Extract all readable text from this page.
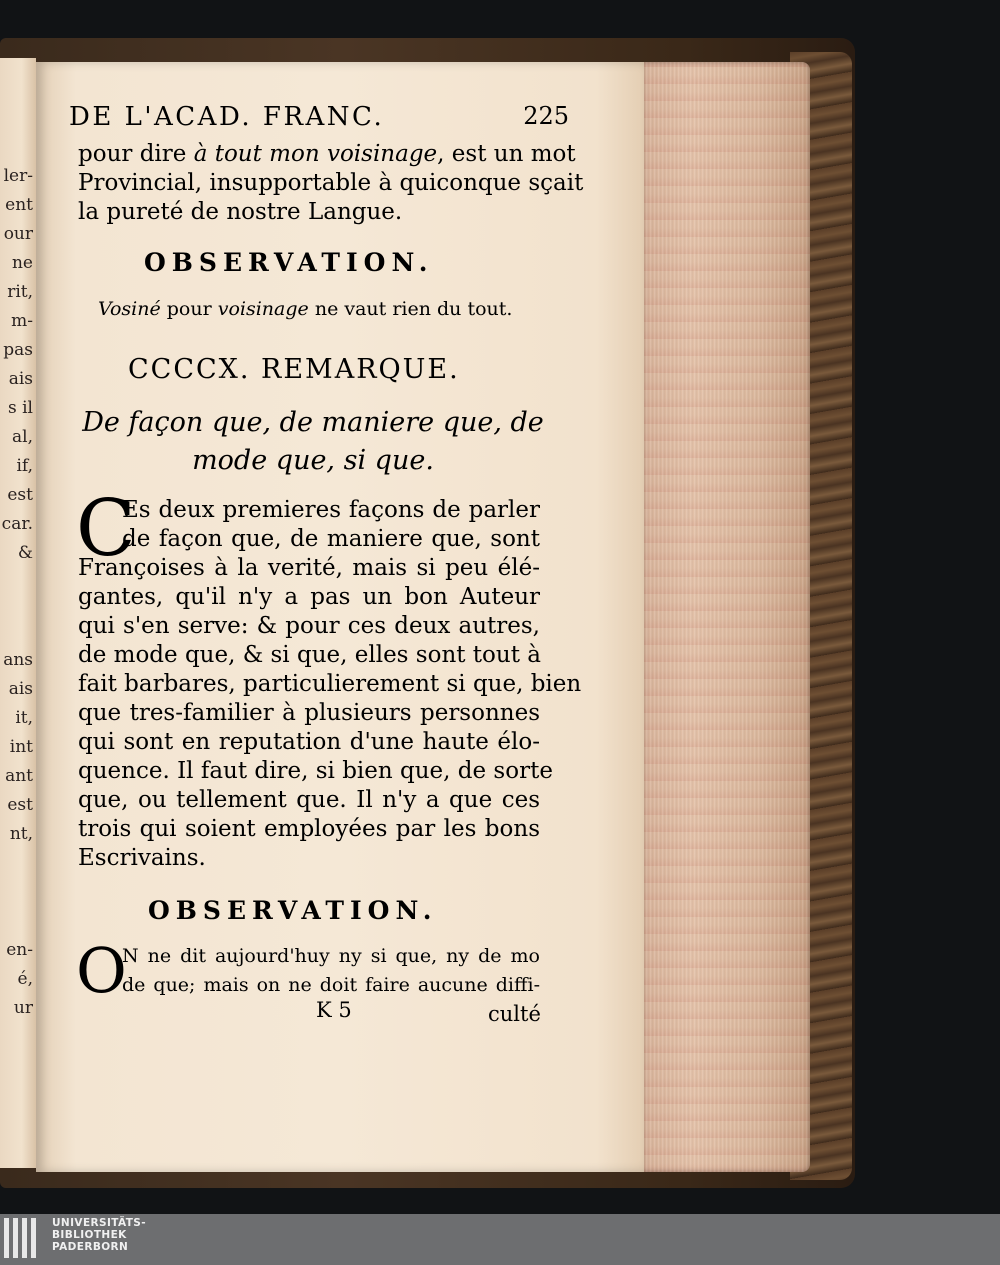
ler-
ent
our
ne
rit,
m-
pas
ais
s il
al,
if,
est
car.
&
ans
ais
it,
int
ant
est
nt,
en-
é,
ur
DE L'ACAD. FRANC.	225
pour dire à tout mon voisinage, est un mot
Provincial, insupportable à quiconque sçait
la pureté de nostre Langue.
OBSERVATION.
Vosiné pour voisinage ne vaut rien du tout.
CCCCX. REMARQUE.
De façon que, de maniere que, de
mode que, si que.
C
Es deux premieres façons de parler
de façon que, de maniere que, sont
Françoises à la verité, mais si peu élé-
gantes, qu'il n'y a pas un bon Auteur
qui s'en serve: & pour ces deux autres,
de mode que, & si que, elles sont tout à
fait barbares, particulierement si que, bien
que tres-familier à plusieurs personnes
qui sont en reputation d'une haute élo-
quence. Il faut dire, si bien que, de sorte
que, ou tellement que. Il n'y a que ces
trois qui soient employées par les bons
Escrivains.
OBSERVATION.
O
N ne dit aujourd'huy ny si que, ny de mo
de que; mais on ne doit faire aucune diffi-
K 5	culté
UNIVERSITÄTS-
BIBLIOTHEK
PADERBORN
